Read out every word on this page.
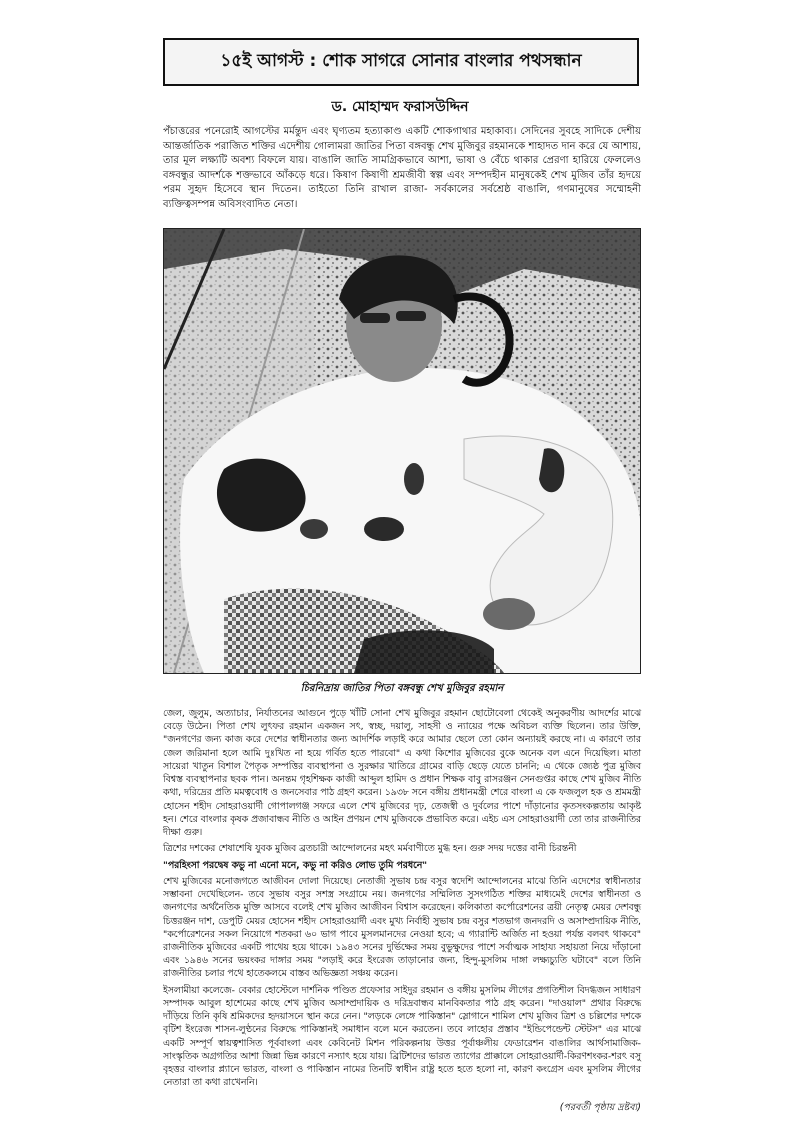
১৫ই আগস্ট : শোক সাগরে সোনার বাংলার পথসন্ধান
ড. মোহাম্মদ ফরাসউদ্দিন

পঁচাত্তরের পনেরোই আগস্টের মর্মন্তুদ এবং ঘৃণ্যতম হত্যাকাণ্ড একটি শোকগাথার মহাকাব্য। সেদিনের সুবহে সাদিকে দেশীয় আন্তর্জাতিক পরাজিত শক্তির এদেশীয় গোলামরা জাতির পিতা বঙ্গবন্ধু শেখ মুজিবুর রহমানকে শাহাদত দান করে যে আশায়, তার মূল লক্ষ্যটি অবশ্য বিফলে যায়। বাঙালি জাতি সামগ্রিকভাবে আশা, ভাষা ও বেঁচে থাকার প্রেরণা হারিয়ে ফেললেও বঙ্গবন্ধুর আদর্শকে শক্তভাবে আঁকড়ে ধরে। কিষাণ কিষাণী শ্রমজীবী স্বল্প এবং সম্পদহীন মানুষকেই শেখ মুজিব তাঁর হৃদয়ে পরম সুহৃদ হিসেবে স্থান দিতেন। তাইতো তিনি রাখাল রাজা- সর্বকালের সর্বশ্রেষ্ঠ বাঙালি, গণমানুষের সম্মোহনী ব্যক্তিত্বসম্পন্ন অবিসংবাদিত নেতা।

চিরনিদ্রায় জাতির পিতা বঙ্গবন্ধু শেখ মুজিবুর রহমান

জেল, জুলুম, অত্যাচার, নির্যাতনের আগুনে পুড়ে খাঁটি সোনা শেখ মুজিবুর রহমান ছোটোবেলা থেকেই অনুকরণীয় আদর্শের মাঝে বেড়ে উঠেন। পিতা শেখ লুৎফর রহমান একজন সৎ, স্বচ্ছ, দয়ালু, সাহসী ও ন্যায়ের পক্ষে অবিচল ব্যক্তি ছিলেন। তার উক্তি, "জনগণের জন্য কাজ করে দেশের স্বাধীনতার জন্য আদর্শিক লড়াই করে আমার ছেলে তো কোন অন্যায়ই করছে না। এ কারণে তার জেল জরিমানা হলে আমি দুঃখিত না হয়ে গর্বিত হতে পারবো" এ কথা কিশোর মুজিবের বুকে অনেক বল এনে দিয়েছিল। মাতা সায়েরা খাতুন বিশাল পৈতৃক সম্পত্তির ব্যবস্থাপনা ও সুরক্ষার খাতিরে গ্রামের বাড়ি ছেড়ে যেতে চাননি; এ থেকে জ্যেষ্ঠ পুত্র মুজিব বিশ্বস্ত ব্যবস্থাপনার ছবক পান। অনন্তম গৃহশিক্ষক কাজী আব্দুল হামিদ ও প্রধান শিক্ষক বাবু রাসরঞ্জন সেনগুপ্তর কাছে শেখ মুজিব নীতি কথা, দরিদ্রের প্রতি মমত্ববোধ ও জনসেবার পাঠ গ্রহণ করেন। ১৯৩৮ সনে বঙ্গীয় প্রধানমন্ত্রী শেরে বাংলা এ কে ফজলুল হক ও শ্রমমন্ত্রী হোসেন শহীদ সোহরাওয়ার্দী গোপালগঞ্জ সফরে এলে শেখ মুজিবের দৃঢ়, তেজস্বী ও দুর্বলের পাশে দাঁড়ানোর কৃতসংকল্পতায় আকৃষ্ট হন। শেরে বাংলার কৃষক প্রজাবান্ধব নীতি ও আইন প্রণয়ন শেখ মুজিবকে প্রভাবিত করে। এইচ এস সোহরাওয়ার্দী তো তার রাজনীতির দীক্ষা গুরু।

ত্রিশের দশকের শেষাশেষি যুবক মুজিব ব্রতচারী আন্দোলনের মহৎ মর্মবাণীতে মুগ্ধ হন। গুরু সদয় দত্তের বানী চিরন্তনী

"পরহিংসা পরদ্বেষ কভু না এনো মনে, কভু না করিও লোভ তুমি পরধনে"

শেখ মুজিবের মনোজগতে আজীবন দোলা দিয়েছে। নেতাজী সুভাষ চন্দ্র বসুর স্বদেশি আন্দোলনের মাঝে তিনি এদেশের স্বাধীনতার সম্ভাবনা দেখেছিলেন- তবে সুভাষ বসুর সশস্ত্র সংগ্রামে নয়। জনগণের সম্মিলিত সুসংগঠিত শক্তির মাধ্যমেই দেশের স্বাধীনতা ও জনগণের অর্থনৈতিক মুক্তি আসবে বলেই শেখ মুজিব আজীবন বিশ্বাস করেছেন। কলিকাতা কর্পোরেশনের ত্রয়ী নেতৃত্ব মেয়র দেশবন্ধু চিত্তরঞ্জন দাশ, ডেপুটি মেয়র হোসেন শহীদ সোহরাওয়ার্দী এবং মুখ্য নির্বাহী সুভাষ চন্দ্র বসুর শতভাগ জনদরদি ও অসাম্প্রদায়িক নীতি, "কর্পোরেশনের সকল নিয়োগে শতকরা ৬০ ভাগ পাবে মুসলমানদের নেওয়া হবে; এ গ্যারান্টি অর্জিত না হওয়া পর্যন্ত বলবৎ থাকবে" রাজনীতিক মুজিবের একটি পাথেয় হয়ে থাকে। ১৯৪৩ সনের দুর্ভিক্ষের সময় বুভুক্ষুদের পাশে সর্বাত্মক সাহায্য সহায়তা নিয়ে দাঁড়ানো এবং ১৯৪৬ সনের ভয়ংকর দাঙ্গার সময় "লড়াই করে ইংরেজ তাড়ানোর জন্য, হিন্দু-মুসলিম দাঙ্গা লক্ষ্যচ্যুতি ঘটাবে" বলে তিনি রাজনীতির চলার পথে হাতেকলমে বাস্তব অভিজ্ঞতা সঞ্চয় করেন।

ইসলামীয়া কলেজে- বেকার হোস্টেলে দার্শনিক পণ্ডিত প্রফেসার সাইদুর রহমান ও বঙ্গীয় মুসলিম লীগের প্রগতিশীল বিদগ্ধজন সাধারণ সম্পাদক আবুল হাশেমের কাছে শেখ মুজিব অসাম্প্রদায়িক ও দরিদ্রবান্ধব মানবিকতার পাঠ গ্রহ করেন। "দাওয়াল" প্রথার বিরুদ্ধে দাঁড়িয়ে তিনি কৃষি শ্রমিকদের হৃদয়াসনে স্থান করে নেন। "লড়কে লেঙ্গে পাকিস্তান" স্লোগানে শামিল শেখ মুজিব ত্রিশ ও চল্লিশের দশকে বৃটিশ ইংরেজ শাসন-লুণ্ঠনের বিরুদ্ধে পাকিস্তানই সমাধান বলে মনে করতেন। তবে লাহোর প্রস্তাব "ইন্ডিপেন্ডেন্ট স্টেটস" এর মাঝে একটি সম্পূর্ণ স্বায়ত্বশাসিত পূর্ববাংলা এবং কেবিনেট মিশন পরিকল্পনায় উত্তর পূর্বাঞ্চলীয় ফেডারেশন বাঙালির আর্থসামাজিক-সাংস্কৃতিক অগ্রগতির আশা জিন্না ভিন্ন কারণে নস্যাৎ হয়ে যায়। ব্রিটিশদের ভারত ত্যাগের প্রাক্কালে সোহরাওয়ার্দী-কিরণশংকর-শরৎ বসু বৃহত্তর বাংলার প্ল্যানে ভারত, বাংলা ও পাকিস্তান নামের তিনটি স্বাধীন রাষ্ট্র হতে হতে হলো না, কারণ কংগ্রেস এবং মুসলিম লীগের নেতারা তা কথা রাখেননি।

(পরবর্তী পৃষ্ঠায় দ্রষ্টব্য)
